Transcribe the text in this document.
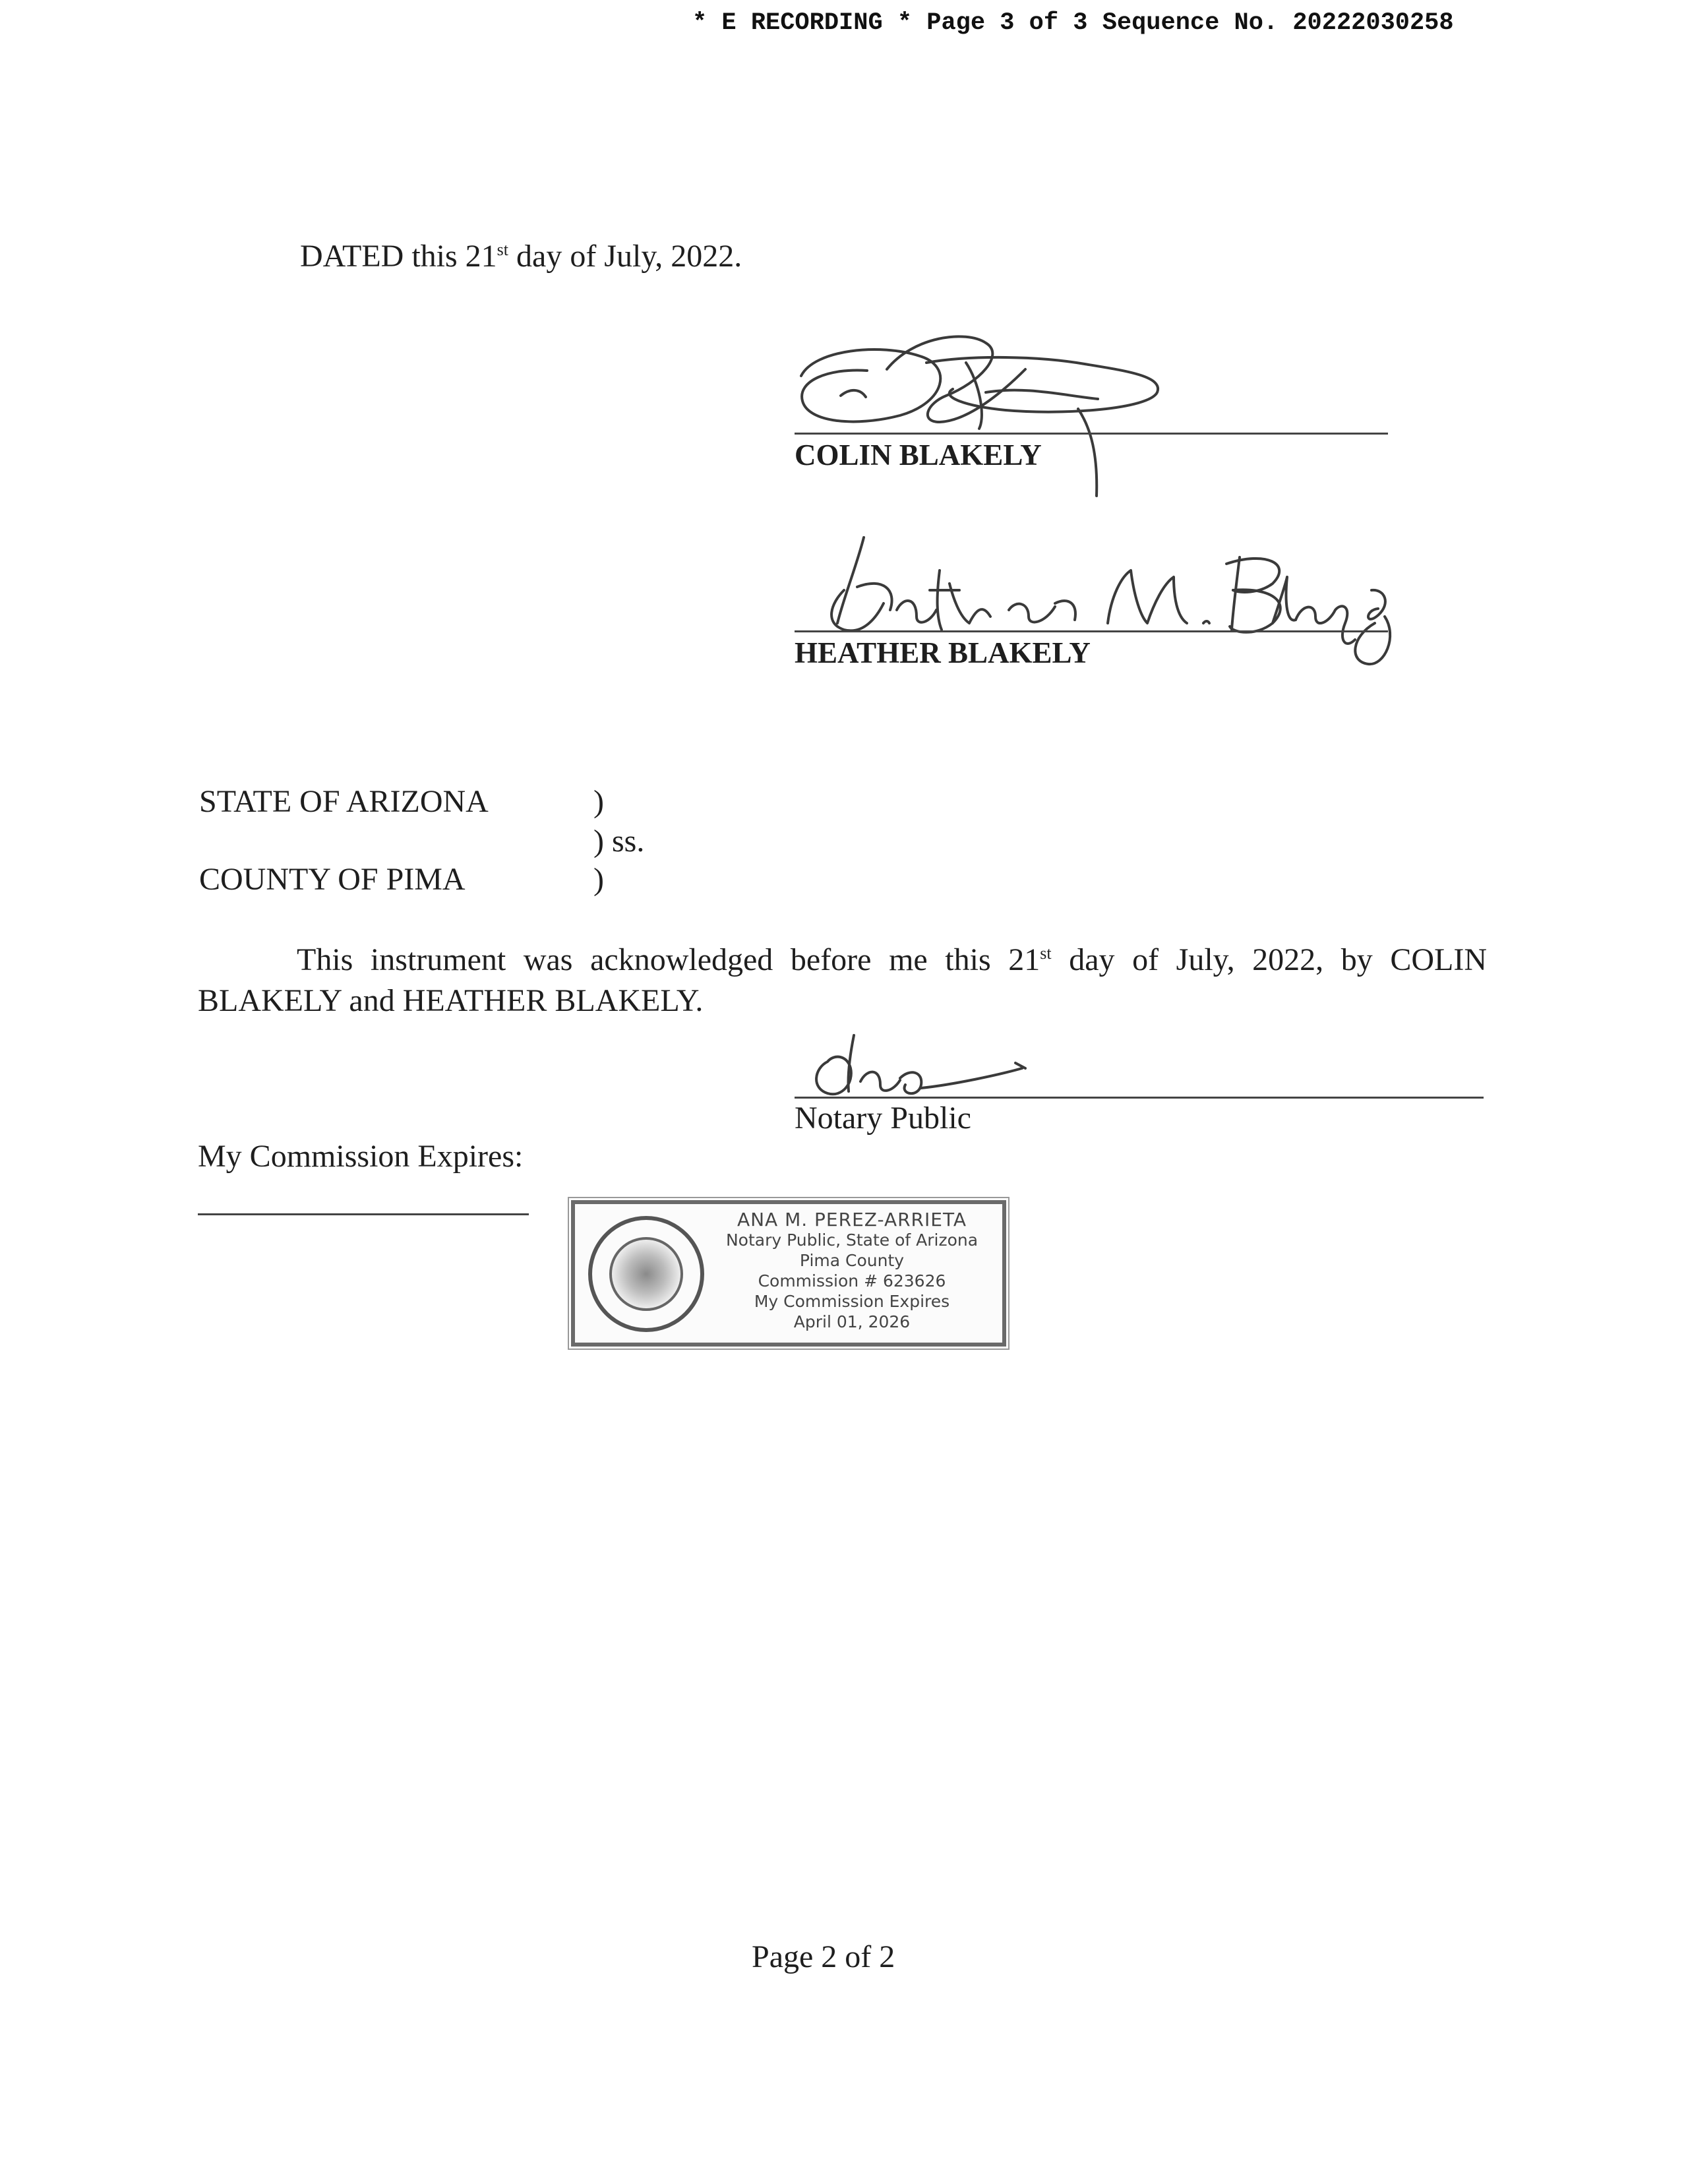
* E RECORDING * Page 3 of 3 Sequence No. 20222030258
DATED this 21st day of July, 2022.
COLIN BLAKELY
HEATHER BLAKELY
STATE OF ARIZONA	)
) ss.
COUNTY OF PIMA	)
This instrument was acknowledged before me this 21st day of July, 2022, by COLIN BLAKELY and HEATHER BLAKELY.
Notary Public
My Commission Expires:
ANA M. PEREZ-ARRIETA
Notary Public, State of Arizona
Pima County
Commission # 623626
My Commission Expires
April 01, 2026
Page 2 of 2
